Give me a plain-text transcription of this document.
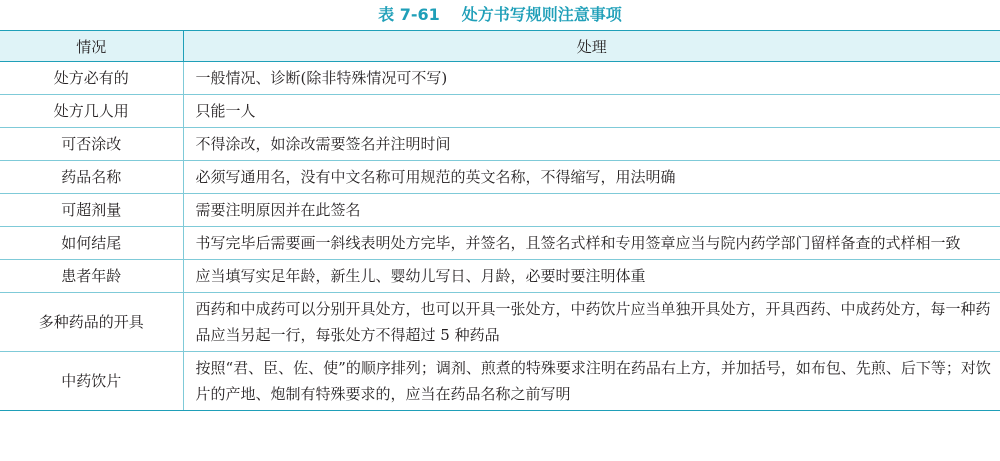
表 7-61 处方书写规则注意事项
情况	处理
处方必有的	一般情况、诊断(除非特殊情况可不写)
处方几人用	只能一人
可否涂改	不得涂改，如涂改需要签名并注明时间
药品名称	必须写通用名，没有中文名称可用规范的英文名称，不得缩写，用法明确
可超剂量	需要注明原因并在此签名
如何结尾	书写完毕后需要画一斜线表明处方完毕，并签名，且签名式样和专用签章应当与院内药学部门留样备查的式样相一致
患者年龄	应当填写实足年龄，新生儿、婴幼儿写日、月龄，必要时要注明体重
多种药品的开具	西药和中成药可以分别开具处方，也可以开具一张处方，中药饮片应当单独开具处方，开具西药、中成药处方，每一种药品应当另起一行，每张处方不得超过 5 种药品
中药饮片	按照“君、臣、佐、使”的顺序排列；调剂、煎煮的特殊要求注明在药品右上方，并加括号，如布包、先煎、后下等；对饮片的产地、炮制有特殊要求的，应当在药品名称之前写明
